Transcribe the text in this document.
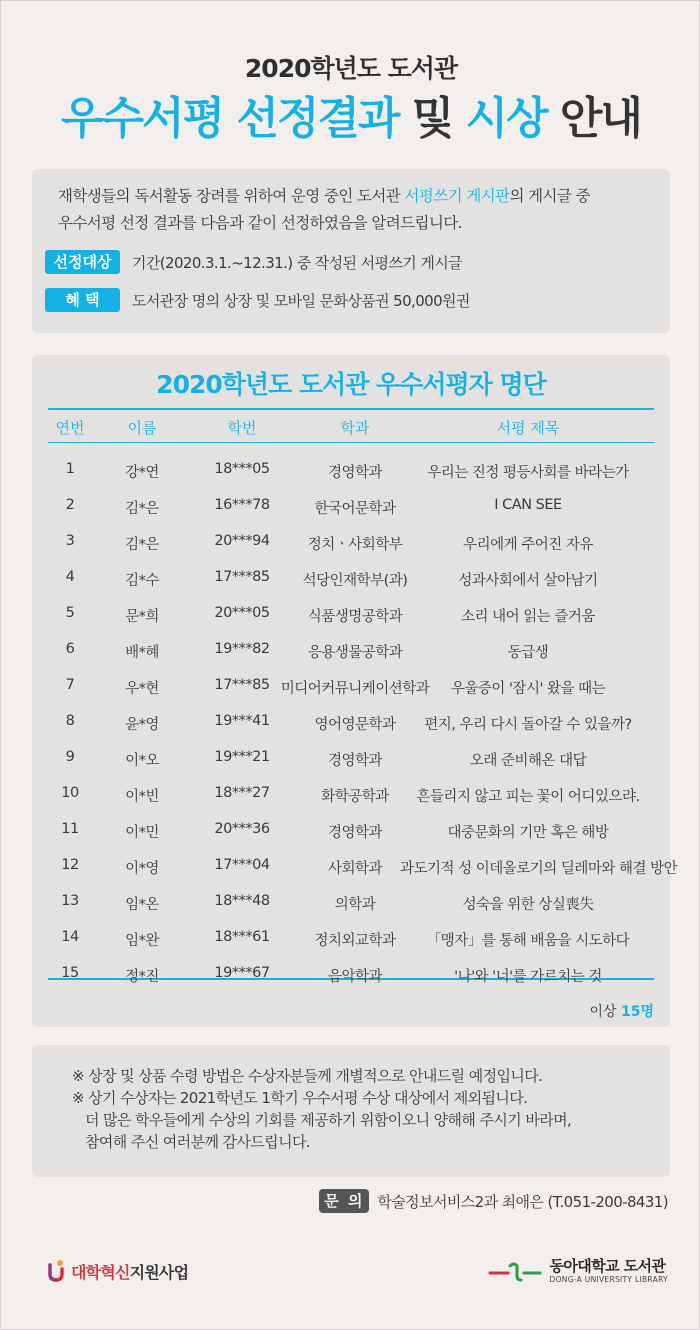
2020학년도 도서관
우수서평 선정결과 및 시상 안내

재학생들의 독서활동 장려를 위하여 운영 중인 도서관 서평쓰기 게시판의 게시글 중

우수서평 선정 결과를 다음과 같이 선정하였음을 알려드립니다.

선정대상	기간(2020.3.1.~12.31.) 중 작성된 서평쓰기 게시글
혜 택	도서관장 명의 상장 및 모바일 문화상품권 50,000원권
2020학년도 도서관 우수서평자 명단
연번	이름	학번	학과	서평 제목
1	강*연	18***05	경영학과	우리는 진정 평등사회를 바라는가
2	김*은	16***78	한국어문학과	I CAN SEE
3	김*은	20***94	정치ㆍ사회학부	우리에게 주어진 자유
4	김*수	17***85	석당인재학부(과)	성과사회에서 살아남기
5	문*희	20***05	식품생명공학과	소리 내어 읽는 즐거움
6	배*혜	19***82	응용생물공학과	동급생
7	우*현	17***85 미디어커뮤니케이션학과	우울증이 '잠시' 왔을 때는
8	윤*영	19***41	영어영문학과	편지, 우리 다시 돌아갈 수 있을까?
9	이*오	19***21	경영학과	오래 준비해온 대답
10	이*빈	18***27	화학공학과	흔들리지 않고 피는 꽃이 어디있으랴.
11	이*민	20***36	경영학과	대중문화의 기만 혹은 해방
12	이*영	17***04	사회학과	과도기적 성 이데올로기의 딜레마와 해결 방안
13	임*온	18***48	의학과	성숙을 위한 상실喪失
14	임*완	18***61	정치외교학과	「맹자」를 통해 배움을 시도하다
15	정*진	19***67	음악학과	'나'와 '너'를 가르치는 것
이상 15명
※ 상장 및 상품 수령 방법은 수상자분들께 개별적으로 안내드릴 예정입니다.
※ 상기 수상자는 2021학년도 1학기 우수서평 수상 대상에서 제외됩니다.
더 많은 학우들에게 수상의 기회를 제공하기 위함이오니 양해해 주시기 바라며,
참여해 주신 여러분께 감사드립니다.
문 의 학술정보서비스2과 최애은 (T.051-200-8431)
대학혁신지원사업	동아대학교 도서관
DONG-A UNIVERSITY LIBRARY
